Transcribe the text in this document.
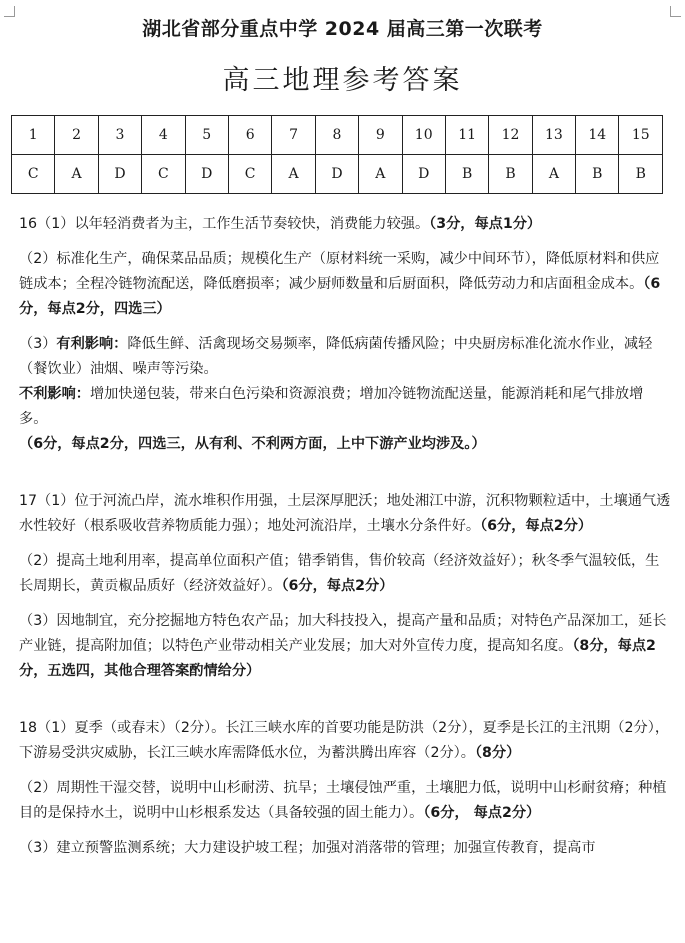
湖北省部分重点中学 2024 届高三第一次联考
高三地理参考答案
1	2	3	4	5	6	7	8	9	10	11	12	13	14	15
C	A	D	C	D	C	A	D	A	D	B	B	A	B	B

16（1）以年轻消费者为主，工作生活节奏较快，消费能力较强。（3分，每点1分）

（2）标准化生产，确保菜品品质；规模化生产（原材料统一采购，减少中间环节），降低原材料和供应链成本；全程冷链物流配送，降低磨损率；减少厨师数量和后厨面积，降低劳动力和店面租金成本。（6分，每点2分，四选三）

（3）有利影响：降低生鲜、活禽现场交易频率，降低病菌传播风险；中央厨房标准化流水作业，减轻（餐饮业）油烟、噪声等污染。

不利影响：增加快递包装，带来白色污染和资源浪费；增加冷链物流配送量，能源消耗和尾气排放增多。

（6分，每点2分，四选三，从有利、不利两方面，上中下游产业均涉及。）

17（1）位于河流凸岸，流水堆积作用强，土层深厚肥沃；地处湘江中游，沉积物颗粒适中，土壤通气透水性较好（根系吸收营养物质能力强）；地处河流沿岸，土壤水分条件好。（6分，每点2分）

（2）提高土地利用率，提高单位面积产值；错季销售，售价较高（经济效益好）；秋冬季气温较低，生长周期长，黄贡椒品质好（经济效益好）。（6分，每点2分）

（3）因地制宜，充分挖掘地方特色农产品；加大科技投入，提高产量和品质；对特色产品深加工，延长产业链，提高附加值；以特色产业带动相关产业发展；加大对外宣传力度，提高知名度。（8分，每点2分，五选四，其他合理答案酌情给分）

18（1）夏季（或春末）（2分）。长江三峡水库的首要功能是防洪（2分），夏季是长江的主汛期（2分），下游易受洪灾威胁，长江三峡水库需降低水位，为蓄洪腾出库容（2分）。（8分）

（2）周期性干湿交替，说明中山杉耐涝、抗旱；土壤侵蚀严重，土壤肥力低，说明中山杉耐贫瘠；种植目的是保持水土，说明中山杉根系发达（具备较强的固土能力）。（6分， 每点2分）

（3）建立预警监测系统；大力建设护坡工程；加强对消落带的管理；加强宣传教育，提高市
